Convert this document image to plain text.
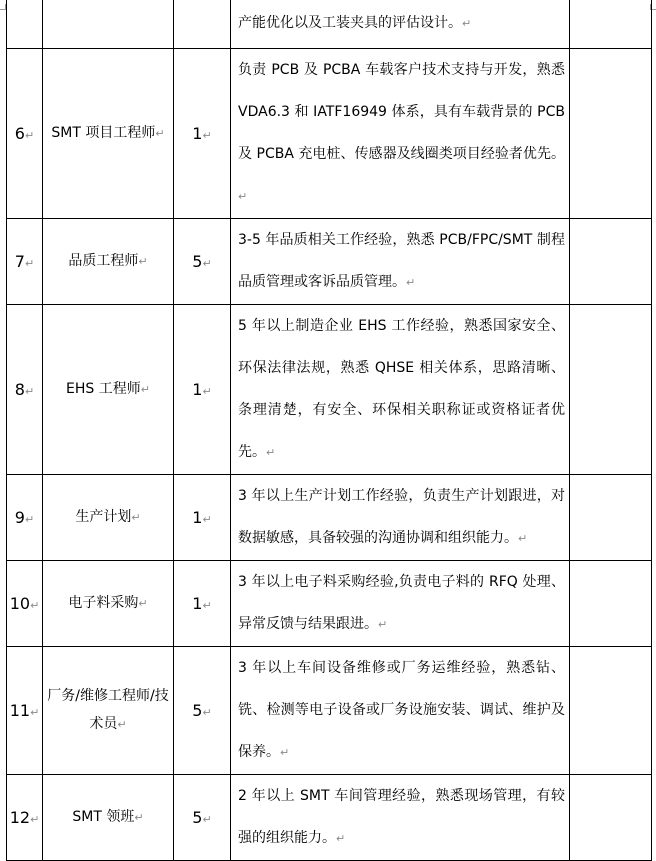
			产能优化以及工装夹具的评估设计。↵	
6↵	SMT 项目工程师↵	1↵	负责 PCB 及 PCBA 车载客户技术支持与开发，熟悉 VDA6.3 和 IATF16949 体系，具有车载背景的 PCB 及 PCBA 充电桩、传感器及线圈类项目经验者优先。↵	
7↵	品质工程师↵	5↵	3-5 年品质相关工作经验，熟悉 PCB/FPC/SMT 制程品质管理或客诉品质管理。↵	
8↵	EHS 工程师↵	1↵	5 年以上制造企业 EHS 工作经验，熟悉国家安全、环保法律法规，熟悉 QHSE 相关体系，思路清晰、条理清楚，有安全、环保相关职称证或资格证者优先。↵	
9↵	生产计划↵	1↵	3 年以上生产计划工作经验，负责生产计划跟进，对数据敏感，具备较强的沟通协调和组织能力。↵	
10↵	电子料采购↵	1↵	3 年以上电子料采购经验,负责电子料的 RFQ 处理、异常反馈与结果跟进。↵	
11↵	厂务/维修工程师/技术员↵	5↵	3 年以上车间设备维修或厂务运维经验，熟悉钻、铣、检测等电子设备或厂务设施安装、调试、维护及保养。↵	
12↵	SMT 领班↵	5↵	2 年以上 SMT 车间管理经验，熟悉现场管理，有较强的组织能力。↵	
